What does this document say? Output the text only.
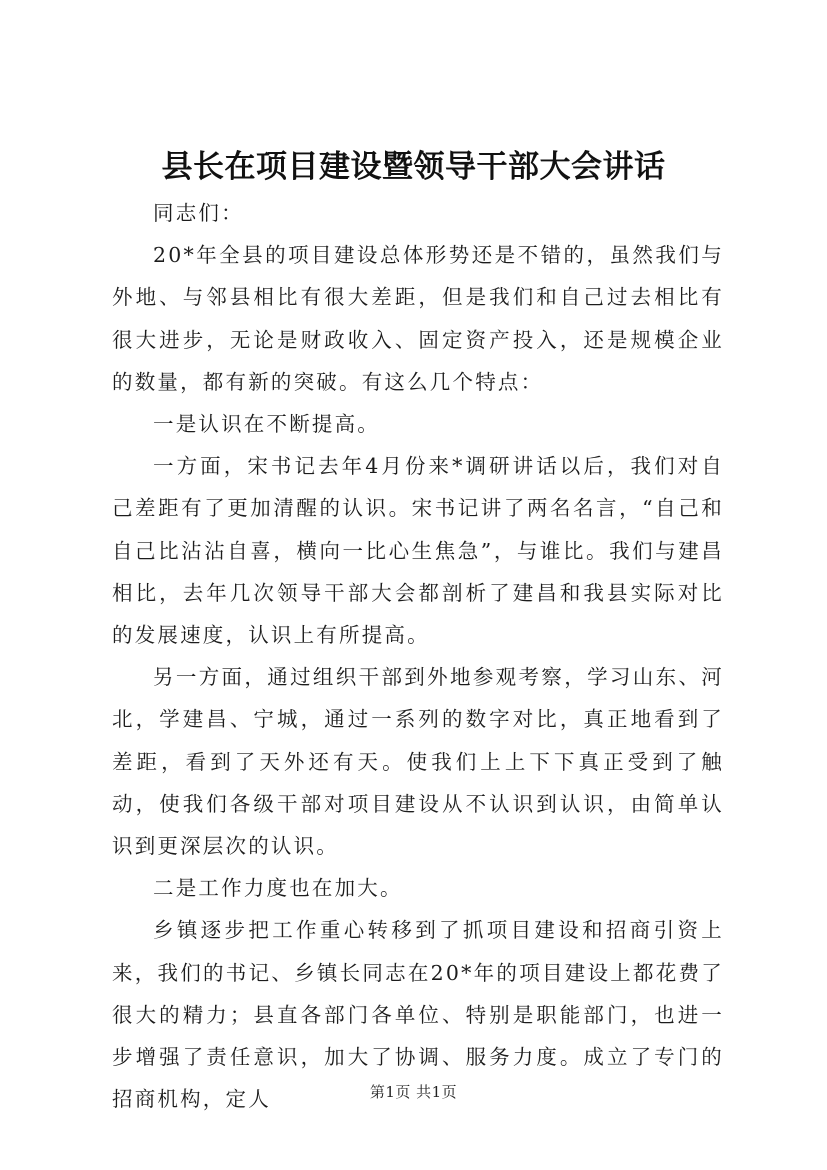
县长在项目建设暨领导干部大会讲话

同志们：

20*年全县的项目建设总体形势还是不错的，虽然我们与外地、与邻县相比有很大差距，但是我们和自己过去相比有很大进步，无论是财政收入、固定资产投入，还是规模企业的数量，都有新的突破。有这么几个特点：

一是认识在不断提高。

一方面，宋书记去年4月份来*调研讲话以后，我们对自己差距有了更加清醒的认识。宋书记讲了两名名言，“自己和自己比沾沾自喜，横向一比心生焦急”，与谁比。我们与建昌相比，去年几次领导干部大会都剖析了建昌和我县实际对比的发展速度，认识上有所提高。

另一方面，通过组织干部到外地参观考察，学习山东、河北，学建昌、宁城，通过一系列的数字对比，真正地看到了差距，看到了天外还有天。使我们上上下下真正受到了触动，使我们各级干部对项目建设从不认识到认识，由简单认识到更深层次的认识。

二是工作力度也在加大。

乡镇逐步把工作重心转移到了抓项目建设和招商引资上来，我们的书记、乡镇长同志在20*年的项目建设上都花费了很大的精力；县直各部门各单位、特别是职能部门，也进一步增强了责任意识，加大了协调、服务力度。成立了专门的招商机构，定人	第1页 共1页
